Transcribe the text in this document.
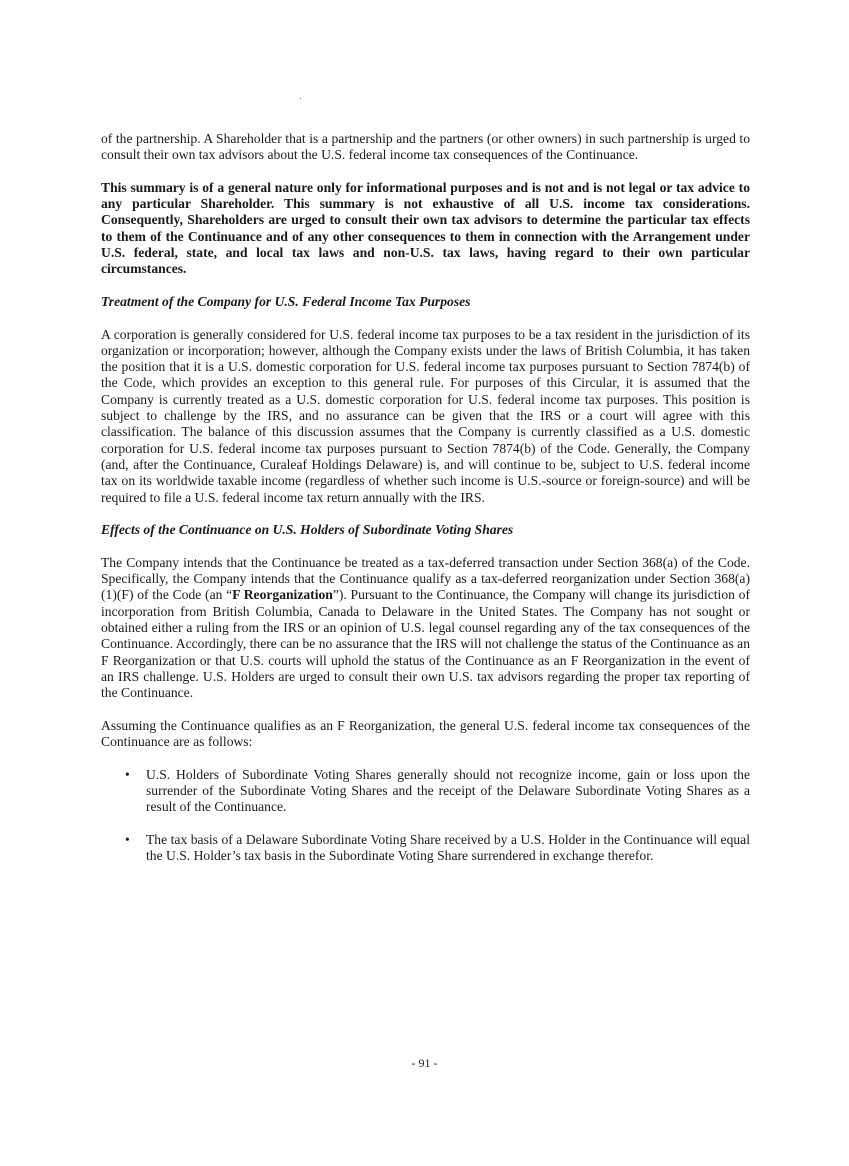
of the partnership. A Shareholder that is a partnership and the partners (or other owners) in such partnership is urged to consult their own tax advisors about the U.S. federal income tax consequences of the Continuance.

This summary is of a general nature only for informational purposes and is not and is not legal or tax advice to any particular Shareholder. This summary is not exhaustive of all U.S. income tax considerations. Consequently, Shareholders are urged to consult their own tax advisors to determine the particular tax effects to them of the Continuance and of any other consequences to them in connection with the Arrangement under U.S. federal, state, and local tax laws and non-U.S. tax laws, having regard to their own particular circumstances.

Treatment of the Company for U.S. Federal Income Tax Purposes

A corporation is generally considered for U.S. federal income tax purposes to be a tax resident in the jurisdiction of its organization or incorporation; however, although the Company exists under the laws of British Columbia, it has taken the position that it is a U.S. domestic corporation for U.S. federal income tax purposes pursuant to Section 7874(b) of the Code, which provides an exception to this general rule. For purposes of this Circular, it is assumed that the Company is currently treated as a U.S. domestic corporation for U.S. federal income tax purposes. This position is subject to challenge by the IRS, and no assurance can be given that the IRS or a court will agree with this classification. The balance of this discussion assumes that the Company is currently classified as a U.S. domestic corporation for U.S. federal income tax purposes pursuant to Section 7874(b) of the Code. Generally, the Company (and, after the Continuance, Curaleaf Holdings Delaware) is, and will continue to be, subject to U.S. federal income tax on its worldwide taxable income (regardless of whether such income is U.S.-source or foreign-source) and will be required to file a U.S. federal income tax return annually with the IRS.

Effects of the Continuance on U.S. Holders of Subordinate Voting Shares

The Company intends that the Continuance be treated as a tax-deferred transaction under Section 368(a) of the Code. Specifically, the Company intends that the Continuance qualify as a tax-deferred reorganization under Section 368(a)(1)(F) of the Code (an “F Reorganization”). Pursuant to the Continuance, the Company will change its jurisdiction of incorporation from British Columbia, Canada to Delaware in the United States. The Company has not sought or obtained either a ruling from the IRS or an opinion of U.S. legal counsel regarding any of the tax consequences of the Continuance. Accordingly, there can be no assurance that the IRS will not challenge the status of the Continuance as an F Reorganization or that U.S. courts will uphold the status of the Continuance as an F Reorganization in the event of an IRS challenge. U.S. Holders are urged to consult their own U.S. tax advisors regarding the proper tax reporting of the Continuance.

Assuming the Continuance qualifies as an F Reorganization, the general U.S. federal income tax consequences of the Continuance are as follows:

• U.S. Holders of Subordinate Voting Shares generally should not recognize income, gain or loss upon the surrender of the Subordinate Voting Shares and the receipt of the Delaware Subordinate Voting Shares as a result of the Continuance.
• The tax basis of a Delaware Subordinate Voting Share received by a U.S. Holder in the Continuance will equal the U.S. Holder’s tax basis in the Subordinate Voting Share surrendered in exchange therefor.
- 91 -
